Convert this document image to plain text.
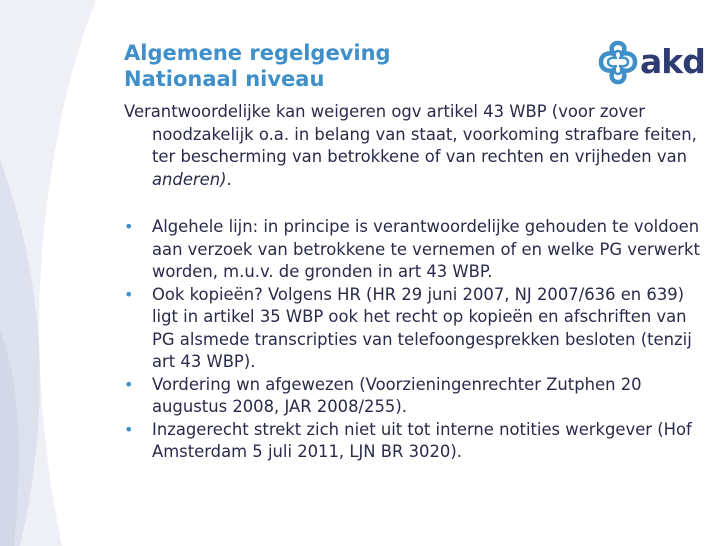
Algemene regelgeving
Nationaal niveau	akd

Verantwoordelijke kan weigeren ogv artikel 43 WBP (voor zover noodzakelijk o.a. in belang van staat, voorkoming strafbare feiten, ter bescherming van betrokkene of van rechten en vrijheden van anderen).

• Algehele lijn: in principe is verantwoordelijke gehouden te voldoen aan verzoek van betrokkene te vernemen of en welke PG verwerkt worden, m.u.v. de gronden in art 43 WBP.
• Ook kopieën? Volgens HR (HR 29 juni 2007, NJ 2007/636 en 639) ligt in artikel 35 WBP ook het recht op kopieën en afschriften van PG alsmede transcripties van telefoongesprekken besloten (tenzij art 43 WBP).
• Vordering wn afgewezen (Voorzieningenrechter Zutphen 20 augustus 2008, JAR 2008/255).
• Inzagerecht strekt zich niet uit tot interne notities werkgever (Hof Amsterdam 5 juli 2011, LJN BR 3020).
